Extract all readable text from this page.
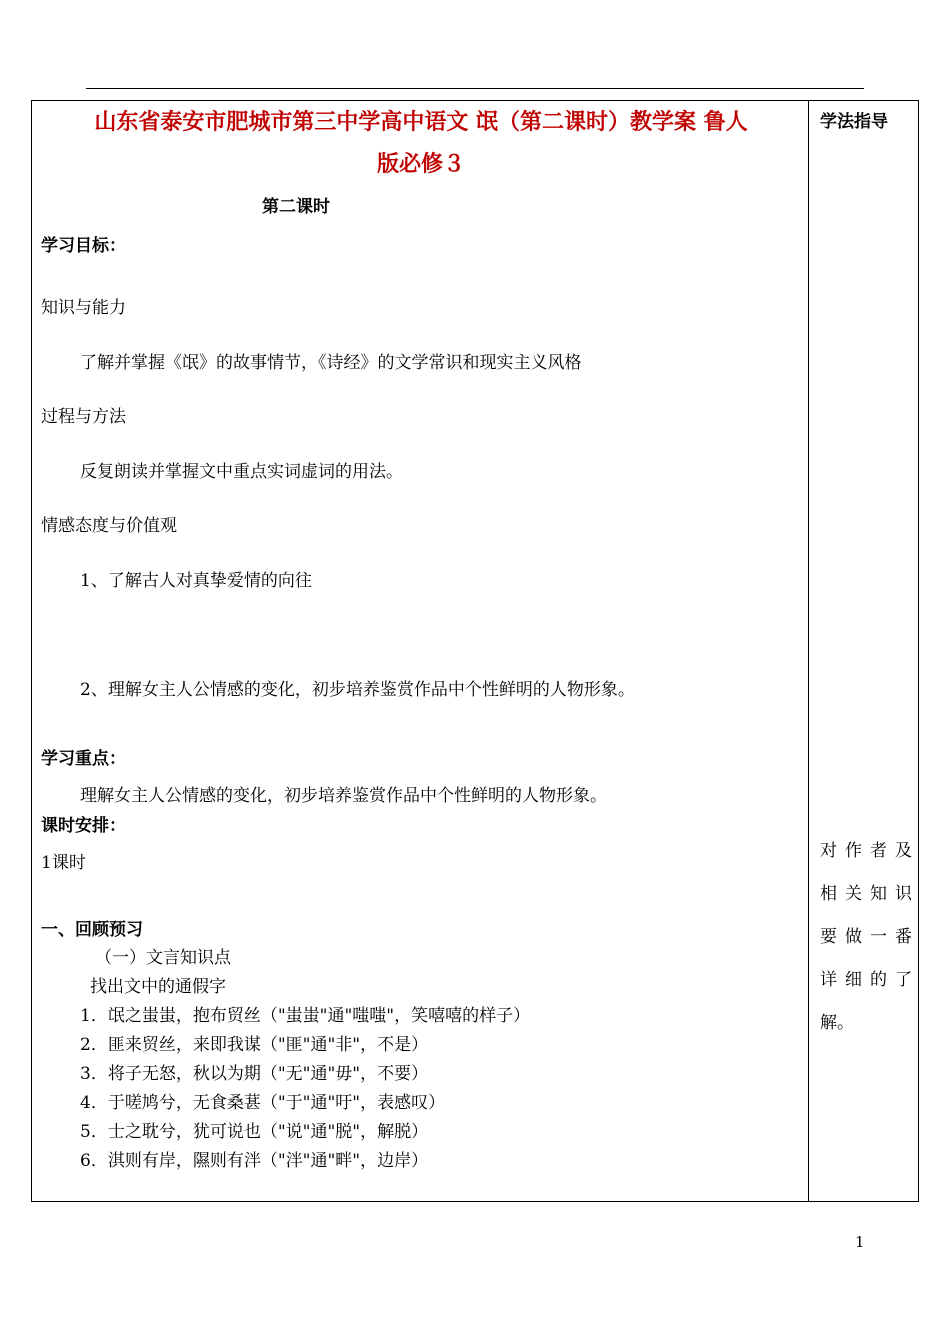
山东省泰安市肥城市第三中学高中语文 氓（第二课时）教学案 鲁人
版必修３
学法指导
第二课时
学习目标：
知识与能力
了解并掌握《氓》的故事情节，《诗经》的文学常识和现实主义风格
过程与方法
反复朗读并掌握文中重点实词虚词的用法。
情感态度与价值观
1、了解古人对真挚爱情的向往
2、理解女主人公情感的变化，初步培养鉴赏作品中个性鲜明的人物形象。
学习重点：
理解女主人公情感的变化，初步培养鉴赏作品中个性鲜明的人物形象。
课时安排：
1课时
一、回顾预习
（一）文言知识点
找出文中的通假字
1．氓之蚩蚩，抱布贸丝（"蚩蚩"通"嗤嗤"，笑嘻嘻的样子）
2．匪来贸丝，来即我谋（"匪"通"非"，不是）
3．将子无怒，秋以为期（"无"通"毋"，不要）
4．于嗟鸠兮，无食桑葚（"于"通"吁"，表感叹）
5．士之耽兮，犹可说也（"说"通"脱"，解脱）
6．淇则有岸，隰则有泮（"泮"通"畔"，边岸）
对作者及
相关知识
要做一番
详细的了
解。
1
